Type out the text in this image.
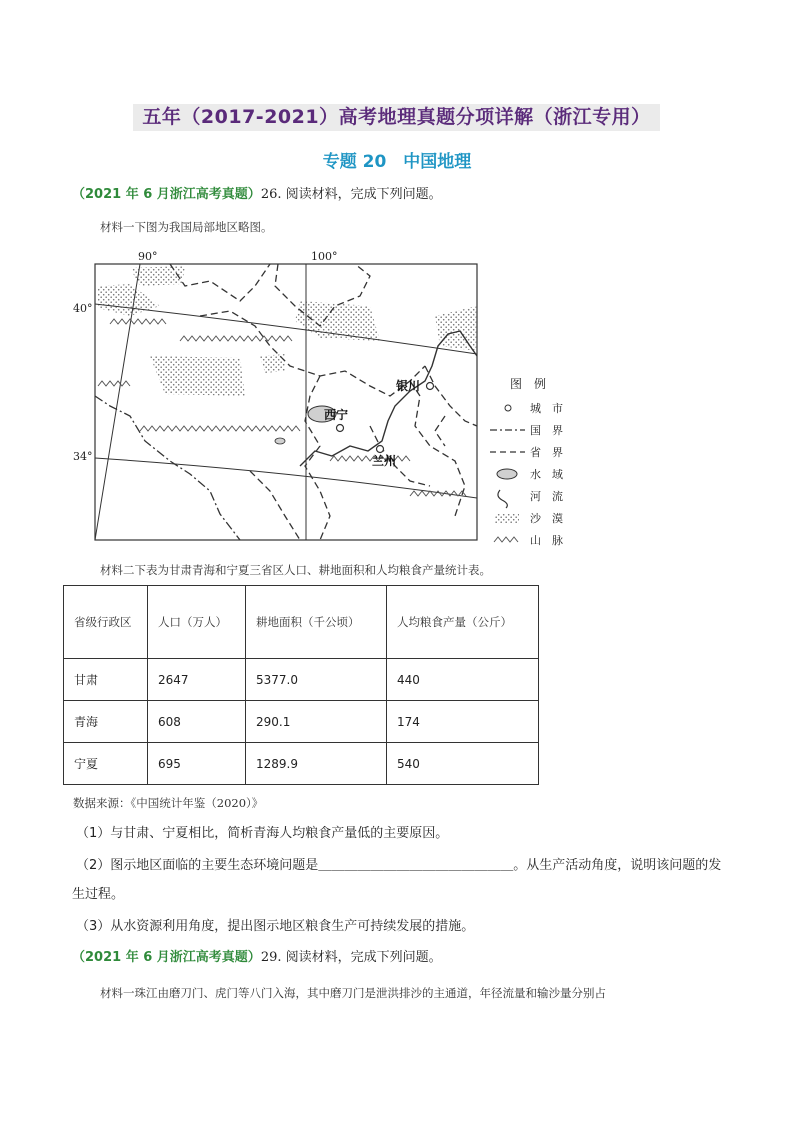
五年（2017-2021）高考地理真题分项详解（浙江专用）
专题 20　中国地理
（2021 年 6 月浙江高考真题）26. 阅读材料，完成下列问题。
材料一下图为我国局部地区略图。
银川
西宁
兰州
90°	100°
40°
34°
图　例
城　市
国　界
省　界
水　域
河　流
沙　漠
山　脉
材料二下表为甘肃青海和宁夏三省区人口、耕地面积和人均粮食产量统计表。
省级行政区	人口（万人）	耕地面积（千公顷）	人均粮食产量（公斤）
甘肃	2647	5377.0	440
青海	608	290.1	174
宁夏	695	1289.9	540
数据来源：《中国统计年鉴（2020）》
（1）与甘肃、宁夏相比，简析青海人均粮食产量低的主要原因。
（2）图示地区面临的主要生态环境问题是＿＿＿＿＿＿＿＿＿＿＿＿＿＿＿。从生产活动角度，说明该问题的发
生过程。
（3）从水资源利用角度，提出图示地区粮食生产可持续发展的措施。
（2021 年 6 月浙江高考真题）29. 阅读材料，完成下列问题。
材料一珠江由磨刀门、虎门等八门入海，其中磨刀门是泄洪排沙的主通道，年径流量和输沙量分别占
